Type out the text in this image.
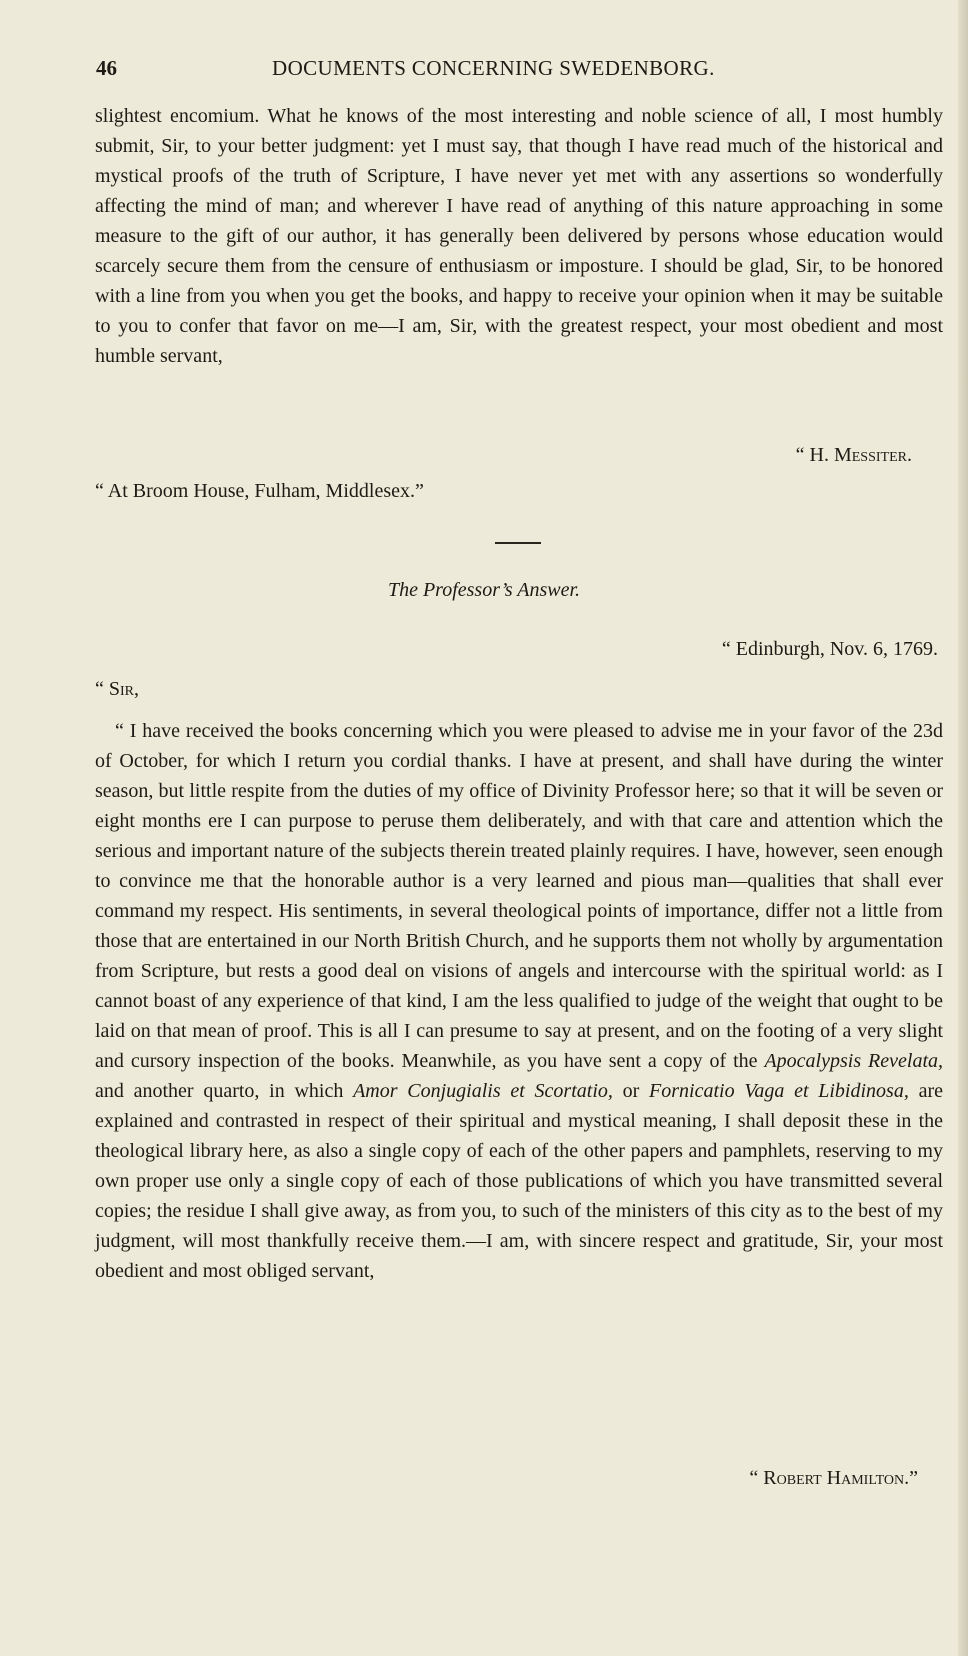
46	DOCUMENTS CONCERNING SWEDENBORG.

slightest encomium. What he knows of the most interesting and noble science of all, I most humbly submit, Sir, to your better judgment: yet I must say, that though I have read much of the historical and mystical proofs of the truth of Scripture, I have never yet met with any assertions so wonderfully affecting the mind of man; and wherever I have read of anything of this nature approaching in some measure to the gift of our author, it has generally been delivered by persons whose education would scarcely secure them from the censure of enthusiasm or imposture. I should be glad, Sir, to be honored with a line from you when you get the books, and happy to receive your opinion when it may be suitable to you to confer that favor on me—I am, Sir, with the greatest respect, your most obedient and most humble servant,

“ H. Messiter.

“ At Broom House, Fulham, Middlesex.”

The Professor’s Answer.

“ Edinburgh, Nov. 6, 1769.

“ Sir,

“ I have received the books concerning which you were pleased to advise me in your favor of the 23d of October, for which I return you cordial thanks. I have at present, and shall have during the winter season, but little respite from the duties of my office of Divinity Professor here; so that it will be seven or eight months ere I can purpose to peruse them deliberately, and with that care and attention which the serious and important nature of the subjects therein treated plainly requires. I have, however, seen enough to convince me that the honorable author is a very learned and pious man—qualities that shall ever command my respect. His sentiments, in several theological points of importance, differ not a little from those that are entertained in our North British Church, and he supports them not wholly by argumentation from Scripture, but rests a good deal on visions of angels and intercourse with the spiritual world: as I cannot boast of any experience of that kind, I am the less qualified to judge of the weight that ought to be laid on that mean of proof. This is all I can presume to say at present, and on the footing of a very slight and cursory inspection of the books. Meanwhile, as you have sent a copy of the Apocalypsis Revelata, and another quarto, in which Amor Conjugialis et Scortatio, or Fornicatio Vaga et Libidinosa, are explained and contrasted in respect of their spiritual and mystical meaning, I shall deposit these in the theological library here, as also a single copy of each of the other papers and pamphlets, reserving to my own proper use only a single copy of each of those publications of which you have transmitted several copies; the residue I shall give away, as from you, to such of the ministers of this city as to the best of my judgment, will most thankfully receive them.—I am, with sincere respect and gratitude, Sir, your most obedient and most obliged servant,

“ Robert Hamilton.”
